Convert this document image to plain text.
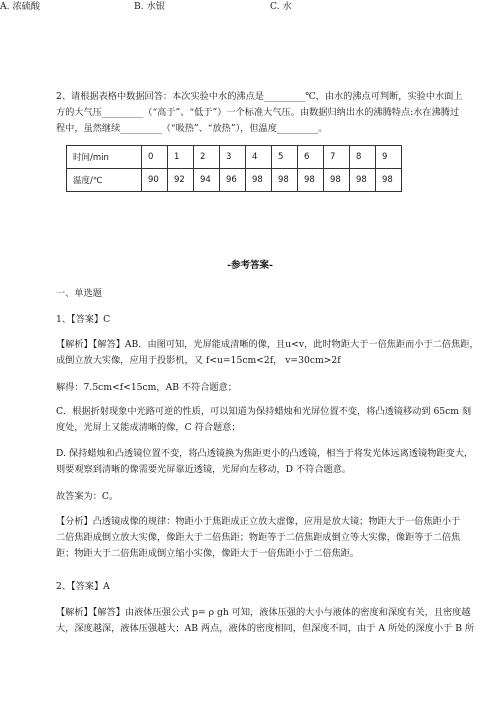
A. 浓硫酸	B. 水银	C. 水
2、请根据表格中数据回答：本次实验中水的沸点是_________℃，由水的沸点可判断，实验中水面上
方的大气压_________（“高于”、“低于”）一个标准大气压。由数据归纳出水的沸腾特点:水在沸腾过
程中，虽然继续_________（“吸热”、“放热”），但温度_________。
时间/min	0	1	2	3	4	5	6	7	8	9
温度/℃	90	92	94	96	98	98	98	98	98	98
-参考答案-
一、单选题
1、【答案】C
【解析】【解答】AB．由图可知，光屏能成清晰的像，且u<v，此时物距大于一倍焦距而小于二倍焦距，
成倒立放大实像，应用于投影机，又 f<u=15cm<2f， v=30cm>2f
解得：7.5cm<f<15cm，AB 不符合题意；
C．根据折射现象中光路可逆的性质，可以知道为保持蜡烛和光屏位置不变，将凸透镜移动到 65cm 刻
度处，光屏上又能成清晰的像，C 符合题意；
D. 保持蜡烛和凸透镜位置不变，将凸透镜换为焦距更小的凸透镜，相当于将发光体远离透镜物距变大，
则要观察到清晰的像需要光屏靠近透镜，光屏向左移动，D 不符合题意。
故答案为：C。
【分析】凸透镜成像的规律：物距小于焦距成正立放大虚像，应用是放大镜；物距大于一倍焦距小于
二倍焦距成倒立放大实像，像距大于二倍焦距；物距等于二倍焦距成倒立等大实像，像距等于二倍焦
距；物距大于二倍焦距成倒立缩小实像，像距大于一倍焦距小于二倍焦距。
2、【答案】A
【解析】【解答】由液体压强公式 p= ρ gh 可知，液体压强的大小与液体的密度和深度有关，且密度越
大，深度越深，液体压强越大；AB 两点，液体的密度相同，但深度不同，由于 A 所处的深度小于 B 所
